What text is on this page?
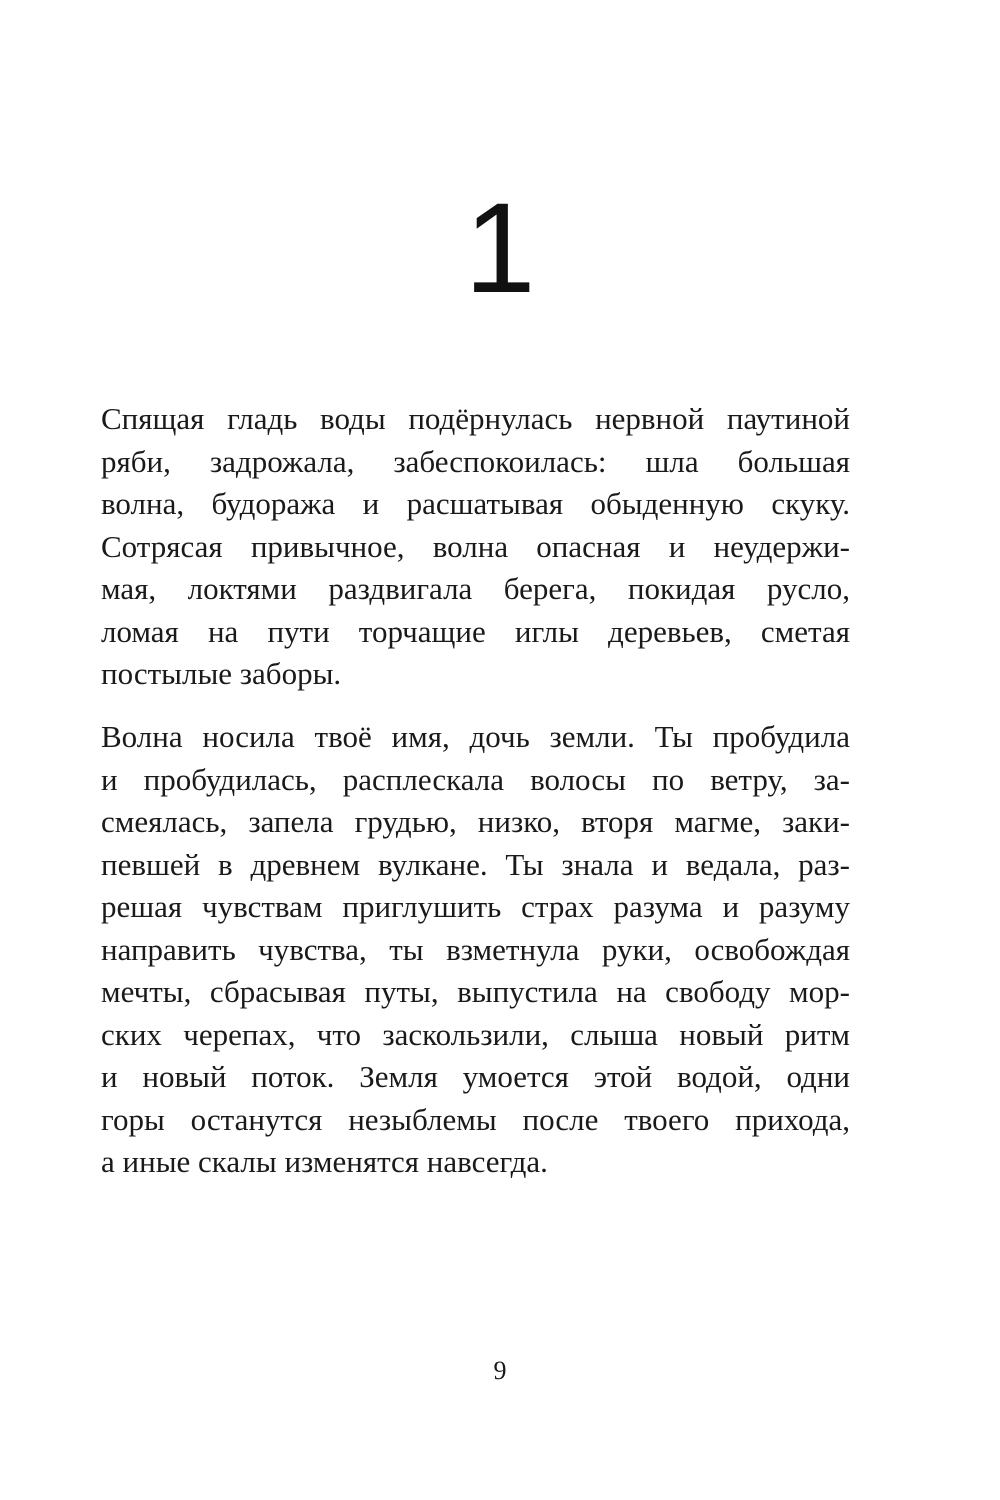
1

Спящая гладь воды подёрнулась нервной паутиной
ряби, задрожала, забеспокоилась: шла большая
волна, будоража и расшатывая обыденную скуку.
Сотрясая привычное, волна опасная и неудержи-
мая, локтями раздвигала берега, покидая русло,
ломая на пути торчащие иглы деревьев, сметая
постылые заборы.

Волна носила твоё имя, дочь земли. Ты пробудила
и пробудилась, расплескала волосы по ветру, за-
смеялась, запела грудью, низко, вторя магме, заки-
певшей в древнем вулкане. Ты знала и ведала, раз-
решая чувствам приглушить страх разума и разуму
направить чувства, ты взметнула руки, освобождая
мечты, сбрасывая путы, выпустила на свободу мор-
ских черепах, что заскользили, слыша новый ритм
и новый поток. Земля умоется этой водой, одни
горы останутся незыблемы после твоего прихода,
а иные скалы изменятся навсегда.

9
